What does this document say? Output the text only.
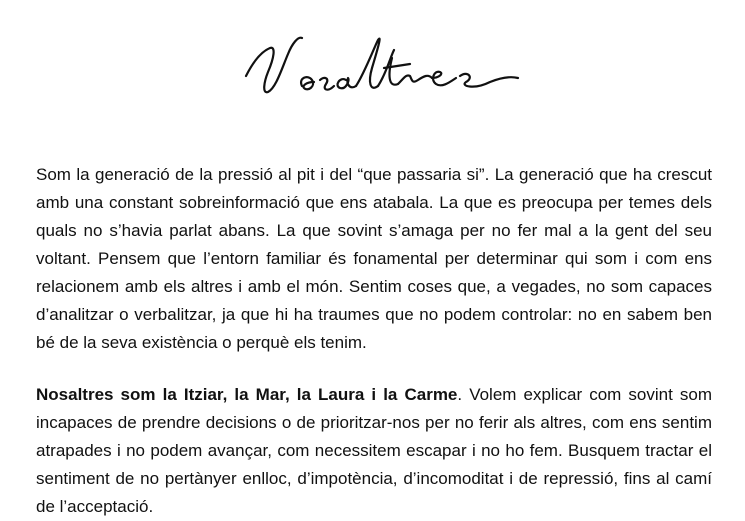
Som la generació de la pressió al pit i del “que passaria si”. La generació que ha crescut amb una constant sobreinformació que ens atabala. La que es preocupa per temes dels quals no s’havia parlat abans. La que sovint s’amaga per no fer mal a la gent del seu voltant. Pensem que l’entorn familiar és fonamental per determinar qui som i com ens relacionem amb els altres i amb el món. Sentim coses que, a vegades, no som capaces d’analitzar o verbalitzar, ja que hi ha traumes que no podem controlar: no en sabem ben bé de la seva existència o perquè els tenim.

Nosaltres som la Itziar, la Mar, la Laura i la Carme. Volem explicar com sovint som incapaces de prendre decisions o de prioritzar-nos per no ferir als altres, com ens sentim atrapades i no podem avançar, com necessitem escapar i no ho fem. Busquem tractar el sentiment de no pertànyer enlloc, d’impotència, d’incomoditat i de repressió, fins al camí de l’acceptació.
